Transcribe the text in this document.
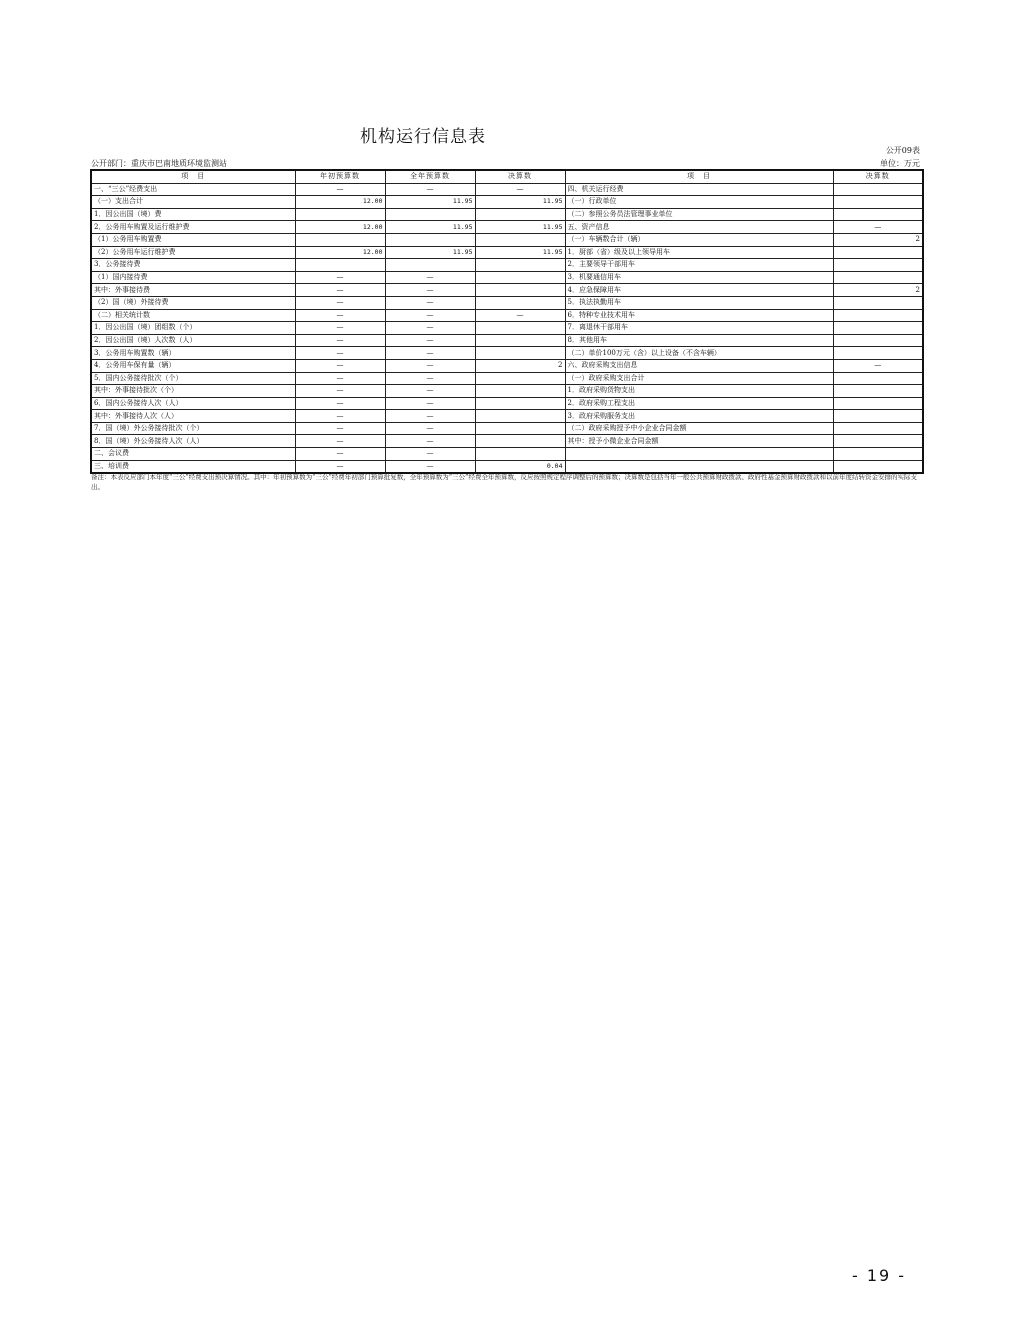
机构运行信息表
公开09表
公开部门：重庆市巴南地质环境监测站	单位：万元
项　目	年初预算数	全年预算数	决算数	项　目	决算数
一、“三公”经费支出	—	—	—	四、机关运行经费	
（一）支出合计	12.00	11.95	11.95	（一）行政单位	
1．因公出国（境）费				（二）参照公务员法管理事业单位	
2．公务用车购置及运行维护费	12.00	11.95	11.95	五、资产信息	—
（1）公务用车购置费				（一）车辆数合计（辆）	2
（2）公务用车运行维护费	12.00	11.95	11.95	1．厨部（省）级及以上领导用车	
3．公务接待费				2．主要领导干部用车	
（1）国内接待费	—	—		3．机要通信用车	
其中：外事接待费	—	—		4．应急保障用车	2
（2）国（境）外接待费	—	—		5．执法执勤用车	
（二）相关统计数	—	—	—	6．特种专业技术用车	
1．因公出国（境）团组数（个）	—	—		7．离退休干部用车	
2．因公出国（境）人次数（人）	—	—		8．其他用车	
3．公务用车购置数（辆）	—	—		（二）单价100万元（含）以上设备（不含车辆）	
4．公务用车保有量（辆）	—	—	2	六、政府采购支出信息	—
5．国内公务接待批次（个）	—	—		（一）政府采购支出合计	
其中：外事接待批次（个）	—	—		1．政府采购货物支出	
6．国内公务接待人次（人）	—	—		2．政府采购工程支出	
其中：外事接待人次（人）	—	—		3．政府采购服务支出	
7．国（境）外公务接待批次（个）	—	—		（二）政府采购授予中小企业合同金额	
8．国（境）外公务接待人次（人）	—	—		其中：授予小微企业合同金额	
二、会议费	—	—			
三、培训费	—	—	0.04		
备注：本表反应部门本年度“三公”经费支出预决算情况。其中：年初预算数为“三公”经费年初部门预算批复数，全年预算数为“三公”经费全年预算数，反应按照规定程序调整后的预算数；决算数是包括当年一般公共预算财政拨款、政府性基金预算财政拨款和以前年度结转资金安排的实际支出。
- 19 -
